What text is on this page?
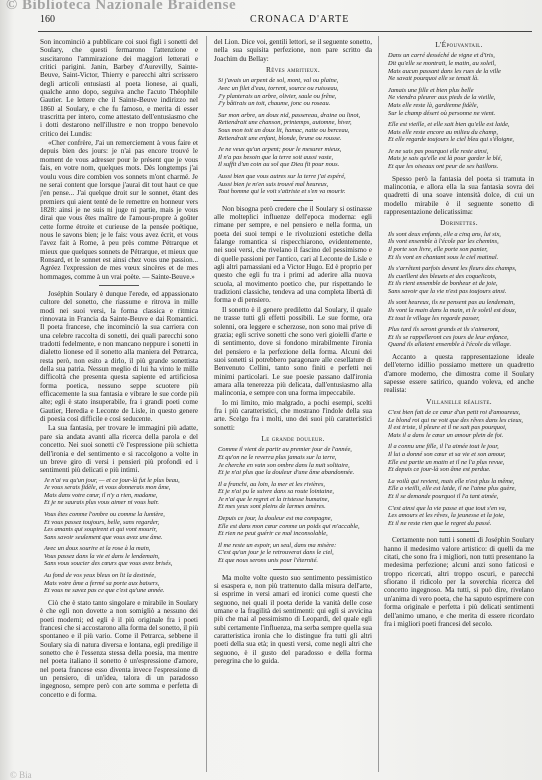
© Biblioteca Nazionale Braidense
160	CRONACA D'ARTE

Son incominciò a pubblicare coi suoi figli i sonetti del Soulary, che questi fermarono l'attenzione e suscitarono l'ammirazione dei maggiori letterati e critici parigini. Janin, Barbey d'Aurevilly, Sainte-Beuve, Saint-Victor, Thierry e parecchi altri scrissero degli articoli entusiasti al poeta lionese, ai quali, qualche anno dopo, seguiva anche l'acuto Théophile Gautier. Le lettere che il Sainte-Beuve indirizzo nel 1860 al Soulary, e che fu famoso, e merita di esser trascritta per intero, come attestato dell'entusiasmo che i dotti destarono nell'illustre e non troppo benevolo critico dei Lundis:

«Cher confrère, J'ai un remerciement à vous faire et depuis bien des jours: je n'ai pas encore trouvé le moment de vous adresser pour le présent que je vous fais, en votre nom, quelques mots. Dès longtemps j'ai voulu vous dire combien vos sonnets m'ont charmé. Je ne serai content que lorsque j'aurai dit tout haut ce que j'en pense... J'ai quelque droit sur le sonnet, étant des premiers qui aient tenté de le remettre en honneur vers 1828: ainsi je ne suis ni juge ni partie, mais je vous dirai que vous êtes maître de l'amour-propre à goûter cette forme étroite et curieuse de la pensée poétique, nous le savons bien; je le fais: vous avez écrit, et vous l'avez fait à Rome, à peu près comme Pétrarque et mieux que quelques sonnets de Pétrarque, et mieux que Ronsard, et le sonnet est ainsi chez vous une passion... Agréez l'expression de mes vœux sincères et de mes hommages, comme à un vrai poète. — Sainte-Beuve.»

Joséphin Soulary è dunque l'erede, ed appassionato cultore del sonetto, che riassume e ritrova in mille modi nei suoi versi, la forma classica e ritmica rinnovata in Francia da Sainte-Beuve e dai Romantici. Il poeta francese, che incominciò la sua carriera con una celebre raccolta di sonetti, dei quali parecchi sono tradotti fedelmente, e non mancano neppure i sonetti in dialetto lionese ed il sonetto alla maniera del Petrarca, resta però, non esito a dirlo, il più grande sonettista della sua patria. Nessun meglio di lui ha vinto le mille difficoltà che presenta questa sapiente ed artificiosa forma poetica, nessuno seppe scuotere più efficacemente la sua fantasia e vibrare le sue corde più alte; egli è stato insuperabile, fra i grandi poeti come Gautier, Heredia e Leconte de Lisle, in questo genere di poesia così difficile e così seducente.

La sua fantasia, per trovare le immagini più adatte, pare sia andata avanti alla ricerca della parola e del concetto. Nei suoi sonetti c'è l'espressione più schietta dell'ironia e del sentimento e si raccolgono a volte in un breve giro di versi i pensieri più profondi ed i sentimenti più delicati e più intimi.

Je n'ai vu qu'un jour, — et ce jour-là fut le plus beau,
Je vous serais fidèle, et vous donnerais mon âme,
Mais dans votre cœur, il n'y a rien, madame,
Et je ne saurais plus vous aimer ni vous haïr.
Vous êtes comme l'ombre ou comme la lumière,
Et vous passez toujours, belle, sans regarder,
Les amants qui soupirent et qui vont mourir,
Sans savoir seulement que vous avez une âme.
Avec un doux sourire et la rose à la main,
Vous passez dans la vie et dans le lendemain,
Sans vous soucier des cœurs que vous avez brisés,
Au fond de vos yeux bleus on lit la destinée,
Mais votre âme a fermé sa porte aux baisers,
Et vous ne savez pas ce que c'est qu'une année.

Ciò che è stato tanto singolare e mirabile in Soulary è che egli non dovette a non somigliò a nessuno dei poeti moderni; ed egli è il più originale fra i poeti francesi che si accostarono alla forma del sonetto, il più spontaneo e il più vario. Come il Petrarca, sebbene il Soulary sia di natura diversa e lontana, egli predilige il sonetto che è l'essenza stessa della poesia, ma mentre nel poeta italiano il sonetto è un'espressione d'amore, nel poeta francese esso diventa invece l'espressione di un pensiero, di un'idea, talora di un paradosso ingegnoso, sempre però con arte somma e perfetta di concetto e di forma.

del Lion. Dice voi, gentili lettori, se il seguente sonetto, nella sua squisita perfezione, non pare scritto da Joachim du Bellay:

Rêves ambitieux.
Si j'avais un arpent de sol, mont, val ou plaine,
Avec un filet d'eau, torrent, source ou ruisseau,
J'y planterais un arbre, olivier, saule ou frêne,
J'y bâtirais un toit, chaume, jonc ou roseau.
Sur mon arbre, un doux nid, passereau, draine ou linot,
Retiendrait une chanson, printemps, automne, hiver,
Sous mon toit un doux lit, hamac, natte ou berceau,
Retiendrait une enfant, blonde, brune ou rousse.
Je ne veux qu'un arpent; pour le mesurer mieux,
Il n'a pas besoin que la terre soit aussi vaste,
Il suffit d'un coin au sol que Dieu fit pour nous.
Aussi bien que vous autres sur la terre j'ai espéré,
Aussi bien je m'en suis trouvé mal heureux,
Tout homme qui le voit s'attriste et s'en va mourir.

Non bisogna però credere che il Soulary si ostinasse alle molteplici influenze dell'epoca moderna: egli rimane per sempre, e nel pensiero e nella forma, un poeta dei suoi tempi e le rivoluzioni estetiche della falange romantica si rispecchiarono, evidentemente, nei suoi versi, che rivelano il fascino del pessimismo e di quelle passioni per l'antico, cari al Leconte de Lisle e agli altri parnassiani ed a Victor Hugo. Ed è proprio per questo che egli fu tra i primi ad aderire alla nuova scuola, al movimento poetico che, pur rispettando le tradizioni classiche, tendeva ad una completa libertà di forma e di pensiero.

Il sonetto è il genere prediletto dal Soulary, il quale ne trasse tutti gli effetti possibili. Le sue forme, ora solenni, ora leggere e scherzose, non sono mai prive di grazia; egli scrive sonetti che sono veri gioielli d'arte e di sentimento, dove si fondono mirabilmente l'ironia del pensiero e la perfezione della forma. Alcuni dei suoi sonetti si potrebbero paragonare alle cesellature di Benvenuto Cellini, tanto sono finiti e perfetti nei minimi particolari. Le sue poesie passano dall'ironia amara alla tenerezza più delicata, dall'entusiasmo alla malinconia, e sempre con una forma impeccabile.

Io mi limito, mio malgrado, a pochi esempi, scelti fra i più caratteristici, che mostrano l'indole della sua arte. Scelgo fra i molti, uno dei suoi più caratteristici sonetti:

Le grande douleur.
Comme il vient de partir au premier jour de l'année,
Et qu'on ne le reverra plus jamais sur la terre,
Je cherche en vain son ombre dans la nuit solitaire,
Et je n'ai plus que la douleur d'une âme abandonnée.
Il a franchi, au loin, la mer et les rivières,
Et je n'ai pu le suivre dans sa route lointaine,
Je n'ai que le regret et la tristesse humaine,
Et mes yeux sont pleins de larmes amères.
Depuis ce jour, la douleur est ma compagne,
Elle est dans mon cœur comme un poids qui m'accable,
Et rien ne peut guérir ce mal inconsolable,
Il me reste un espoir, un seul, dans ma misère:
C'est qu'un jour je le retrouverai dans le ciel,
Et que nous serons unis pour l'éternité.

Ma molte volte questo suo sentimento pessimistico si esaspera e, non più trattenuto dalla misura dell'arte, si esprime in versi amari ed ironici come questi che seguono, nei quali il poeta deride la vanità delle cose umane e la fragilità dei sentimenti: qui egli si avvicina più che mai al pessimismo di Leopardi, del quale egli subì certamente l'influenza, ma serba sempre quella sua caratteristica ironia che lo distingue fra tutti gli altri poeti della sua età; in questi versi, come negli altri che seguono, è il gusto del paradosso e della forma peregrina che lo guida.

L'Épouvantail.
Dans un carré desséché de vigne et d'iris,
Dit qu'elle se montrait, le matin, au soleil,
Mais aucun passant dans les rues de la ville
Ne savait pourquoi elle se tenait là.
Jamais une fille et bien plus belle
Ne viendra pleurer aux pieds de la vieille,
Mais elle reste là, gardienne fidèle,
Sur le champ désert où personne ne vient.
Elle est vieille, et elle sait bien qu'elle est laide,
Mais elle reste encore au milieu du champ,
Et elle regarde toujours le ciel bleu qui s'éloigne,
Je ne sais pas pourquoi elle reste ainsi,
Mais je sais qu'elle est là pour garder le blé,
Et que les oiseaux ont peur de ses haillons.

Spesso però la fantasia del poeta si tramuta in malinconia, e allora ella la sua fantasia sovra dei quadretti di una soave intensità dolce, di cui un modello mirabile è il seguente sonetto di rappresentazione delicatissima:

Dorinettes.
Ils sont deux enfants, elle a cinq ans, lui six,
Ils vont ensemble à l'école par les chemins,
Il porte son livre, elle porte son panier,
Et ils vont en chantant sous le ciel matinal.
Ils s'arrêtent parfois devant les fleurs des champs,
Ils cueillent des bleuets et des coquelicots,
Et ils rient ensemble de bonheur et de joie,
Sans savoir que la vie n'est pas toujours ainsi.
Ils sont heureux, ils ne pensent pas au lendemain,
Ils vont la main dans la main, et le soleil est doux,
Et tout le village les regarde passer,
Plus tard ils seront grands et ils s'aimeront,
Et ils se rappelleront ces jours de leur enfance,
Quand ils allaient ensemble à l'école du village.

Accanto a questa rappresentazione ideale dell'eterno idillio possiamo mettere un quadretto d'amore moderno, che dimostra come il Soulary sapesse essere satirico, quando voleva, ed anche realista:

Villanelle réaliste.
C'est bien fait de ce cœur d'un petit roi d'amoureux,
Le blond roi qui ne voit que des rêves dans les cieux,
Il est triste, il pleure et il ne sait pas pourquoi,
Mais il a dans le cœur un amour plein de foi.
Il a connu une fille, il l'a aimée tout le jour,
Il lui a donné son cœur et sa vie et son amour,
Elle est partie un matin et il ne l'a plus revue,
Et depuis ce jour-là son âme est perdue.
La voilà qui revient, mais elle n'est plus la même,
Elle a vieilli, elle est laide, il ne l'aime plus guère,
Et il se demande pourquoi il l'a tant aimée,
C'est ainsi que la vie passe et que tout s'en va,
Les amours et les rêves, la jeunesse et la joie,
Et il ne reste rien que le regret du passé.

Certamente non tutti i sonetti di Joséphin Soulary hanno il medesimo valore artistico: di quelli da me citati, che sono fra i migliori, non tutti presentano la medesima perfezione; alcuni anzi sono faticosi e troppo ricercati, altri troppo oscuri, e parecchi sfiorano il ridicolo per la soverchia ricerca del concetto ingegnoso. Ma tutti, si può dire, rivelano un'anima di vero poeta, che ha saputo esprimere con forma originale e perfetta i più delicati sentimenti dell'animo umano, e che merita di essere ricordato fra i migliori poeti francesi del secolo.

© Bia
